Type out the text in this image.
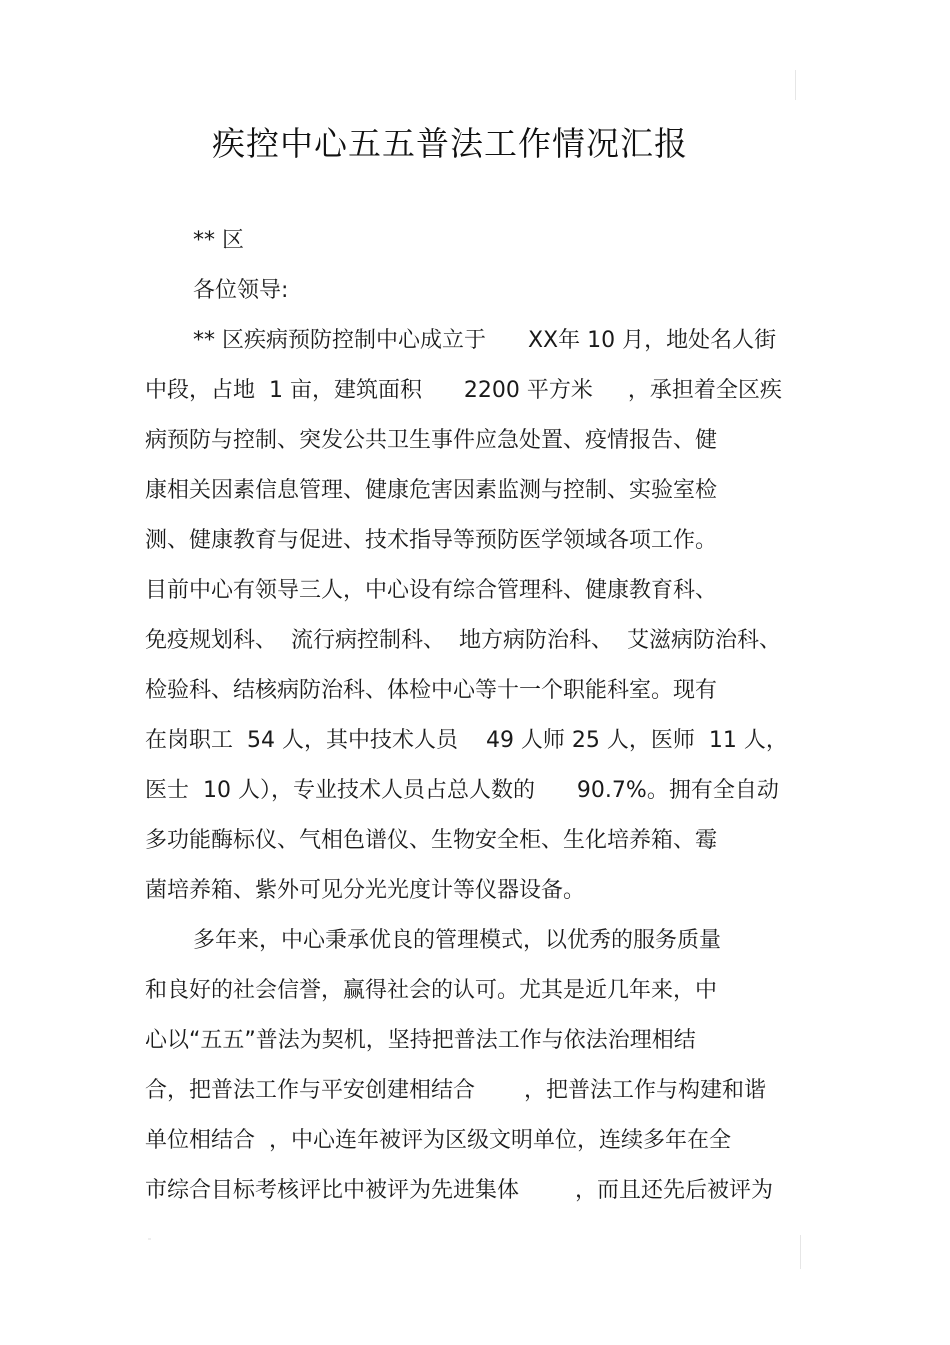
疾控中心五五普法工作情况汇报
** 区
各位领导:
** 区疾病预防控制中心成立于      XX年 10 月，地处名人街
中段，占地  1 亩，建筑面积      2200 平方米     ，承担着全区疾
病预防与控制、突发公共卫生事件应急处置、疫情报告、健
康相关因素信息管理、健康危害因素监测与控制、实验室检
测、健康教育与促进、技术指导等预防医学领域各项工作。
目前中心有领导三人，中心设有综合管理科、健康教育科、
免疫规划科、  流行病控制科、  地方病防治科、  艾滋病防治科、
检验科、结核病防治科、体检中心等十一个职能科室。现有
在岗职工  54 人，其中技术人员    49 人师 25 人，医师  11 人，
医士  10 人），专业技术人员占总人数的      90.7%。拥有全自动
多功能酶标仪、气相色谱仪、生物安全柜、生化培养箱、霉
菌培养箱、紫外可见分光光度计等仪器设备。
多年来，中心秉承优良的管理模式，以优秀的服务质量
和良好的社会信誉，赢得社会的认可。尤其是近几年来，中
心以“五五”普法为契机，坚持把普法工作与依法治理相结
合，把普法工作与平安创建相结合       ，把普法工作与构建和谐
单位相结合  ，中心连年被评为区级文明单位，连续多年在全
市综合目标考核评比中被评为先进集体        ，而且还先后被评为
